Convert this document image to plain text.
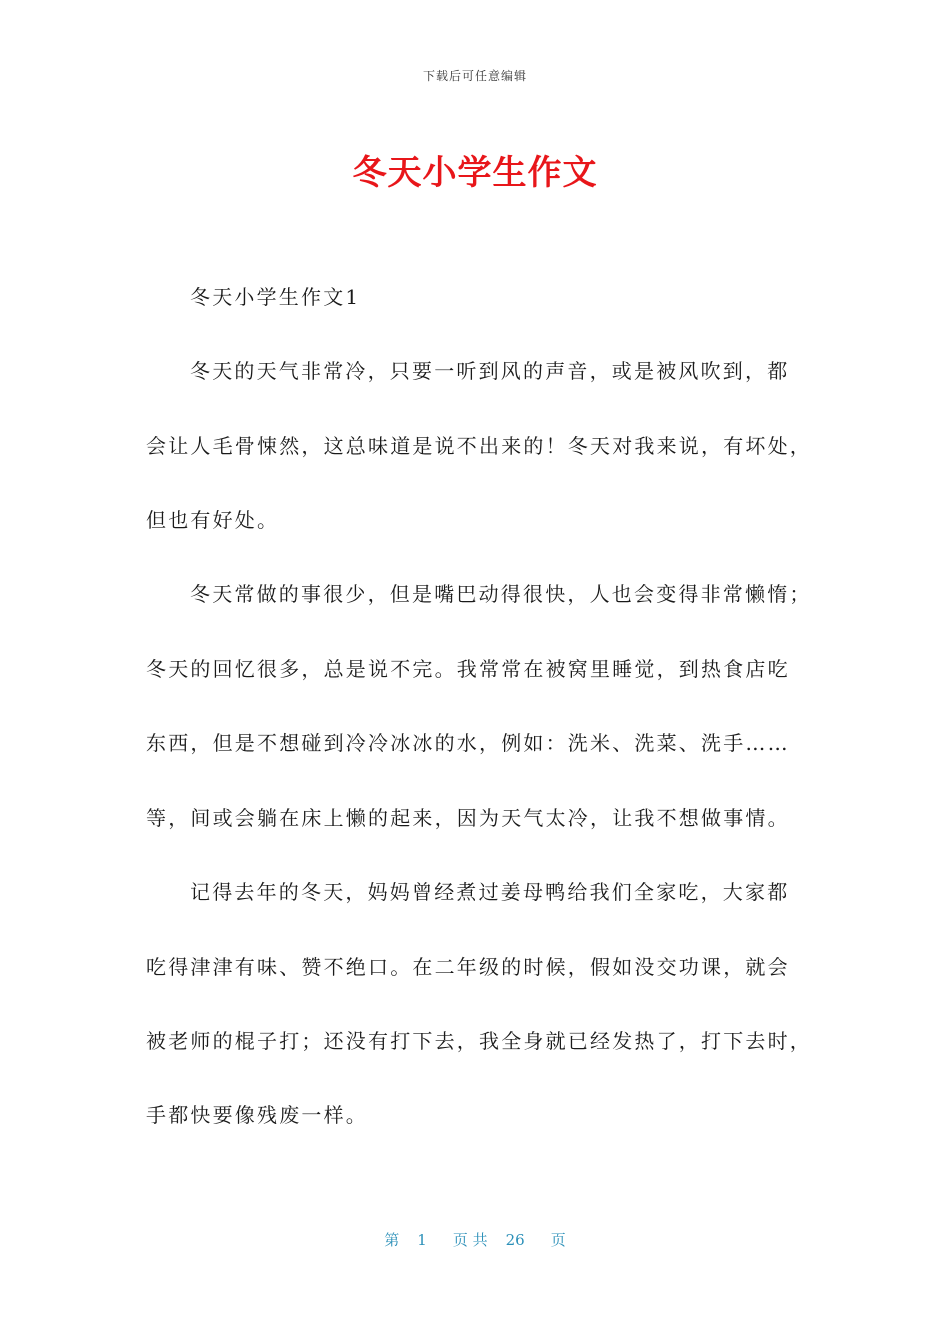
下载后可任意编辑
冬天小学生作文
冬天小学生作文1
冬天的天气非常冷，只要一听到风的声音，或是被风吹到，都
会让人毛骨悚然，这总味道是说不出来的！冬天对我来说，有坏处，
但也有好处。
冬天常做的事很少，但是嘴巴动得很快，人也会变得非常懒惰；
冬天的回忆很多，总是说不完。我常常在被窝里睡觉，到热食店吃
东西，但是不想碰到冷冷冰冰的水，例如：洗米、洗菜、洗手……
等，间或会躺在床上懒的起来，因为天气太冷，让我不想做事情。
记得去年的冬天，妈妈曾经煮过姜母鸭给我们全家吃，大家都
吃得津津有味、赞不绝口。在二年级的时候，假如没交功课，就会
被老师的棍子打；还没有打下去，我全身就已经发热了，打下去时，
手都快要像残废一样。
第 1 页 共 26 页
